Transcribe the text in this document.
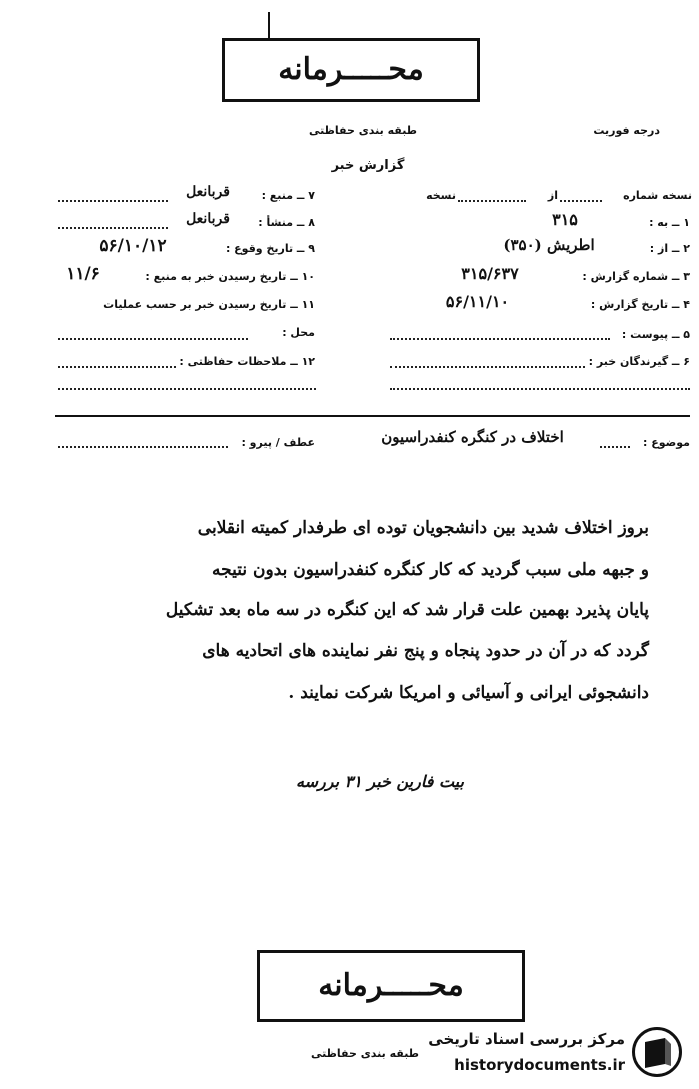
محـــــرمانه
طبقه بندی حفاظتی	درجه فوریت
گزارش خبر
نسخه شماره
از
نسخه
۱ ــ به :
۳۱۵
۲ ــ از :
اطریش (۳۵۰)
۳ ــ شماره گزارش :
۳۱۵/۶۳۷
۴ ــ تاریخ گزارش :
۵۶/۱۱/۱۰
۵ ــ پیوست :
۶ ــ گیرندگان خبر :
۷ ــ منبع :
قربانعل
۸ ــ منشأ :
قربانعل
۹ ــ تاریخ وقوع :
۵۶/۱۰/۱۲
۱۰ ــ تاریخ رسیدن خبر به منبع :
۱۱/۶
۱۱ ــ تاریخ رسیدن خبر بر حسب عملیات
محل :
۱۲ ــ ملاحظات حفاظتی :
موضوع :
اختلاف در کنگره کنفدراسیون
عطف / پیرو :
بروز اختلاف شدید بین دانشجویان توده ای طرفدار کمیته انقلابی
و جبهه ملی سبب گردید که کار کنگره کنفدراسیون بدون نتیجه
پایان پذیرد بهمین علت قرار شد که این کنگره در سه ماه بعد تشکیل
گردد که در آن در حدود پنجاه و پنج نفر نماینده های اتحادیه های
دانشجوئی ایرانی و آسیائی و امریکا شرکت نمایند .
بیت فارین خبر ۳۱ بررسه
محـــــرمانه
طبقه بندی حفاظتی
مرکز بررسی اسناد تاریخی
historydocuments.ir
